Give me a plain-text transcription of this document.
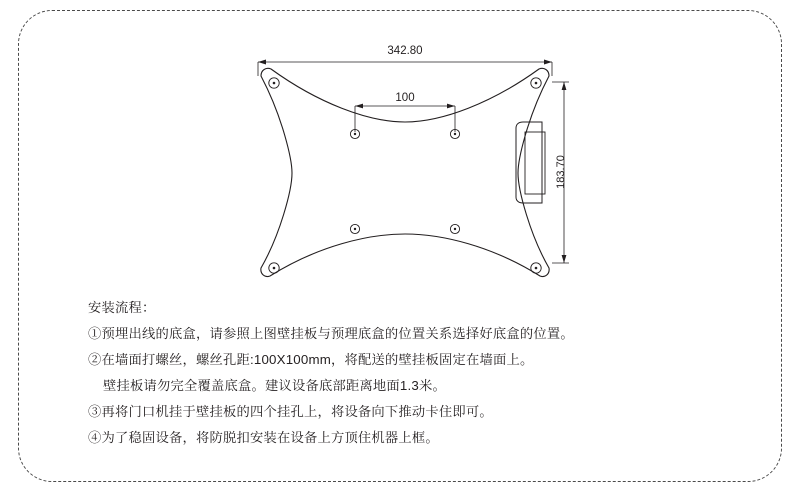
342.80
100
183.70
安装流程：
①预埋出线的底盒，请参照上图壁挂板与预理底盒的位置关系选择好底盒的位置。
②在墙面打螺丝，螺丝孔距:100X100mm，将配送的壁挂板固定在墙面上。
壁挂板请勿完全覆盖底盒。建议设备底部距离地面1.3米。
③再将门口机挂于壁挂板的四个挂孔上，将设备向下推动卡住即可。
④为了稳固设备，将防脱扣安装在设备上方顶住机器上框。
